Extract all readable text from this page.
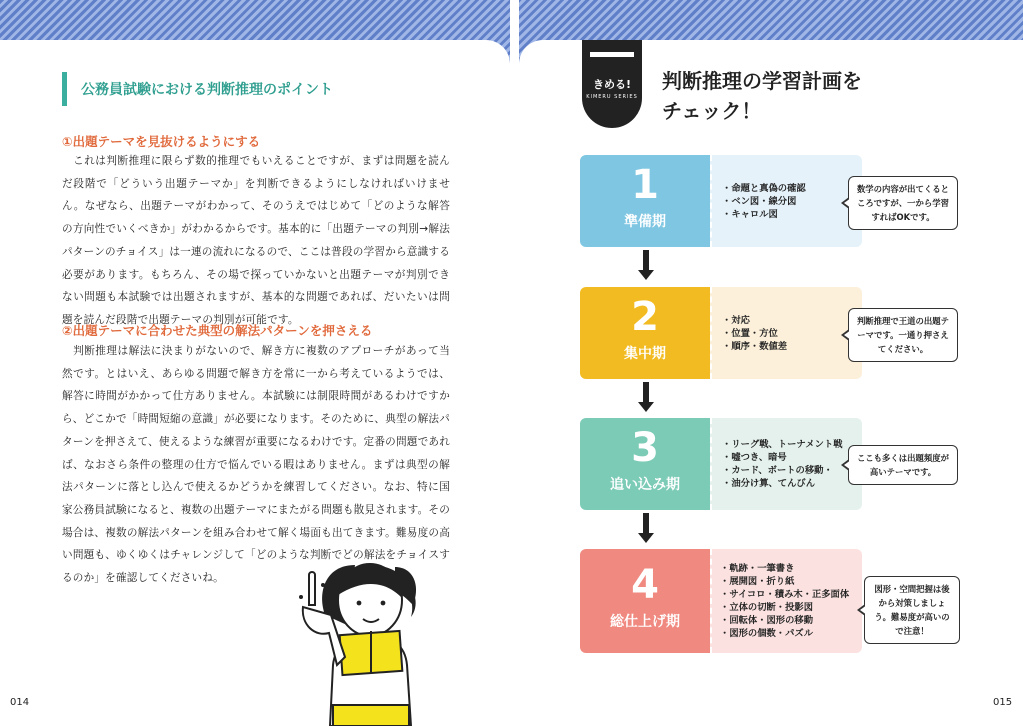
公務員試験における判断推理のポイント
①出題テーマを見抜けるようにする

　これは判断推理に限らず数的推理でもいえることですが、まずは問題を読んだ段階で「どういう出題テーマか」を判断できるようにしなければいけません。なぜなら、出題テーマがわかって、そのうえではじめて「どのような解答の方向性でいくべきか」がわかるからです。基本的に「出題テーマの判別→解法パターンのチョイス」は一連の流れになるので、ここは普段の学習から意識する必要があります。もちろん、その場で探っていかないと出題テーマが判別できない問題も本試験では出題されますが、基本的な問題であれば、だいたいは問題を読んだ段階で出題テーマの判別が可能です。

②出題テーマに合わせた典型の解法パターンを押さえる

　判断推理は解法に決まりがないので、解き方に複数のアプローチがあって当然です。とはいえ、あらゆる問題で解き方を常に一から考えているようでは、解答に時間がかかって仕方ありません。本試験には制限時間があるわけですから、どこかで「時間短縮の意識」が必要になります。そのために、典型の解法パターンを押さえて、使えるような練習が重要になるわけです。定番の問題であれば、なおさら条件の整理の仕方で悩んでいる暇はありません。まずは典型の解法パターンに落とし込んで使えるかどうかを練習してください。なお、特に国家公務員試験になると、複数の出題テーマにまたがる問題も散見されます。その場合は、複数の解法パターンを組み合わせて解く場面も出てきます。難易度の高い問題も、ゆくゆくはチャレンジして「どのような判断でどの解法をチョイスするのか」を確認してくださいね。

014
きめる!
KIMERU SERIES
判断推理の学習計画を
チェック！
1
準備期
・ 命題と真偽の確認
・ ベン図・線分図
・ キャロル図
数学の内容が出てくるところですが、一から学習すればOKです。
2
集中期
・ 対応
・ 位置・方位
・ 順序・数値差
判断推理で王道の出題テーマです。一通り押さえてください。
3
追い込み期
・ リーグ戦、トーナメント戦
・ 嘘つき、暗号
・ カード、ボートの移動・
・ 油分け算、てんびん
ここも多くは出題頻度が高いテーマです。
4
総仕上げ期
・ 軌跡・一筆書き
・ 展開図・折り紙
・ サイコロ・積み木・正多面体
・ 立体の切断・投影図
・ 回転体・図形の移動
・ 図形の個数・パズル
図形・空間把握は後から対策しましょう。難易度が高いので注意！
015
